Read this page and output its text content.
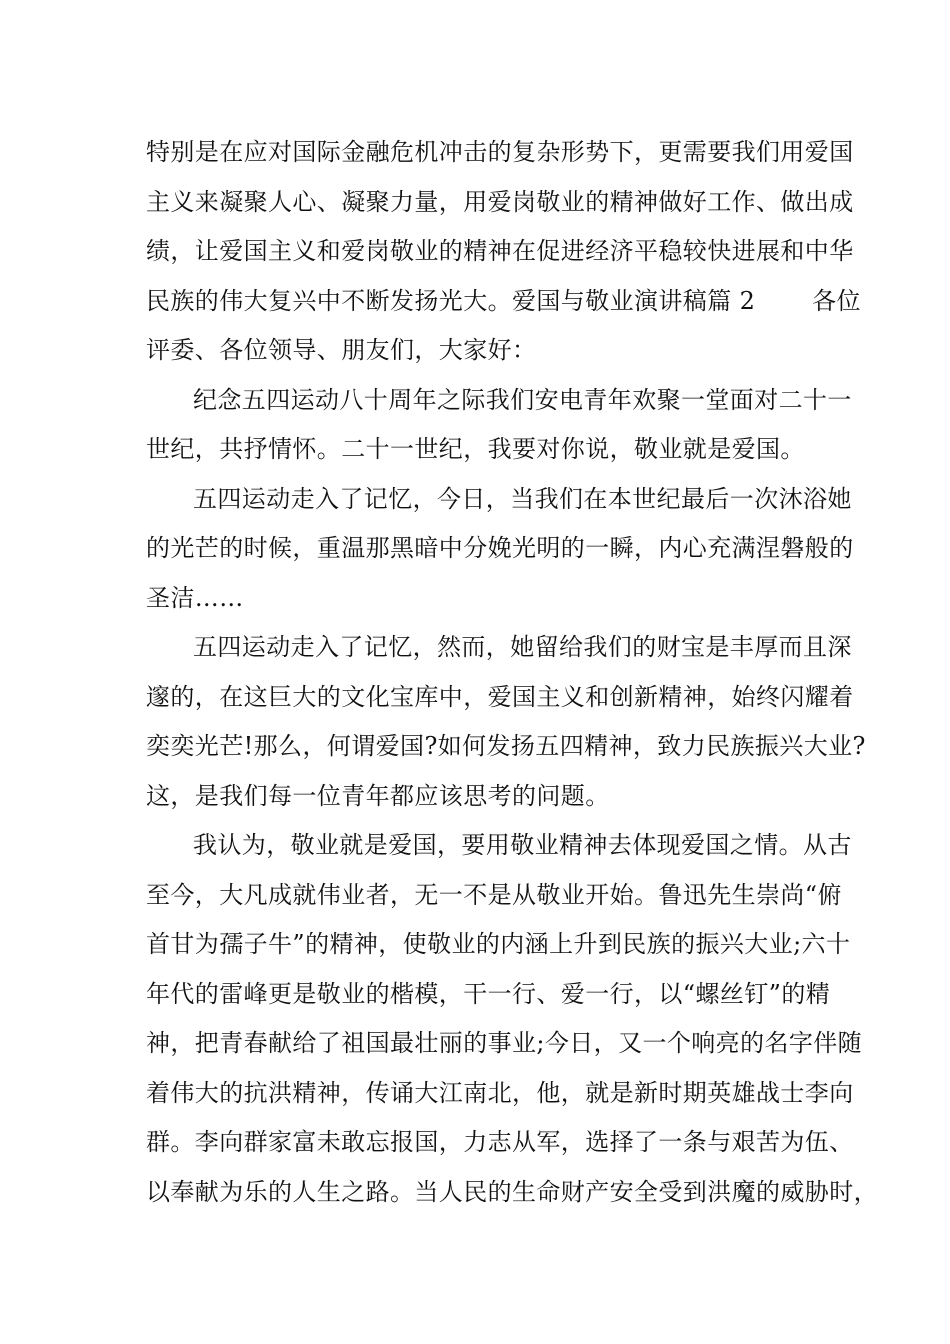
特别是在应对国际金融危机冲击的复杂形势下，更需要我们用爱国
主义来凝聚人心、凝聚力量，用爱岗敬业的精神做好工作、做出成
绩，让爱国主义和爱岗敬业的精神在促进经济平稳较快进展和中华
民族的伟大复兴中不断发扬光大。爱国与敬业演讲稿篇 2　　 各位
评委、各位领导、朋友们，大家好：
纪念五四运动八十周年之际我们安电青年欢聚一堂面对二十一
世纪，共抒情怀。二十一世纪，我要对你说，敬业就是爱国。
五四运动走入了记忆，今日，当我们在本世纪最后一次沐浴她
的光芒的时候，重温那黑暗中分娩光明的一瞬，内心充满涅磐般的
圣洁……
五四运动走入了记忆，然而，她留给我们的财宝是丰厚而且深
邃的，在这巨大的文化宝库中，爱国主义和创新精神，始终闪耀着
奕奕光芒!那么，何谓爱国?如何发扬五四精神，致力民族振兴大业?
这，是我们每一位青年都应该思考的问题。
我认为，敬业就是爱国，要用敬业精神去体现爱国之情。从古
至今，大凡成就伟业者，无一不是从敬业开始。鲁迅先生崇尚“俯
首甘为孺子牛”的精神，使敬业的内涵上升到民族的振兴大业;六十
年代的雷峰更是敬业的楷模，干一行、爱一行，以“螺丝钉”的精
神，把青春献给了祖国最壮丽的事业;今日，又一个响亮的名字伴随
着伟大的抗洪精神，传诵大江南北，他，就是新时期英雄战士李向
群。李向群家富未敢忘报国，力志从军，选择了一条与艰苦为伍、
以奉献为乐的人生之路。当人民的生命财产安全受到洪魔的威胁时，
